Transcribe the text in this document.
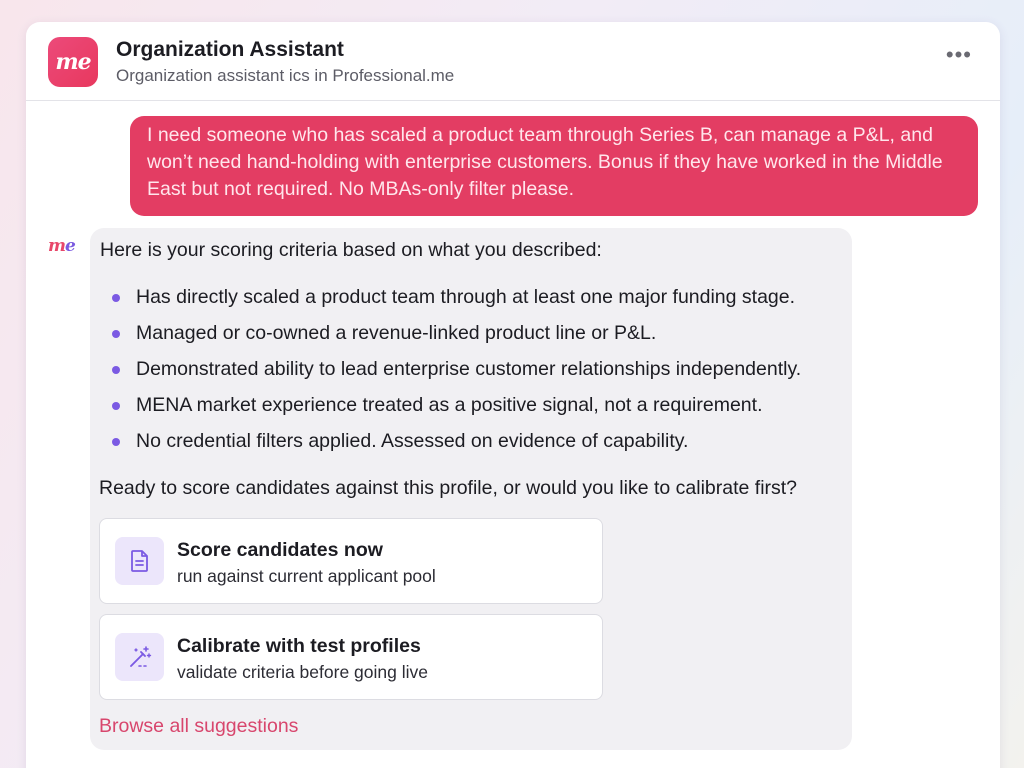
me	Organization Assistant
Organization assistant ics in Professional.me
•••
I need someone who has scaled a product team through Series B, can manage a P&L, and won’t need hand-holding with enterprise customers. Bonus if they have worked in the Middle East but not required. No MBAs-only filter please.
me Here is your scoring criteria based on what you described:
Has directly scaled a product team through at least one major funding stage.
Managed or co-owned a revenue-linked product line or P&L.
Demonstrated ability to lead enterprise customer relationships independently.
MENA market experience treated as a positive signal, not a requirement.
No credential filters applied. Assessed on evidence of capability.
Ready to score candidates against this profile, or would you like to calibrate first?
Score candidates now
run against current applicant pool
Calibrate with test profiles
validate criteria before going live
Browse all suggestions
